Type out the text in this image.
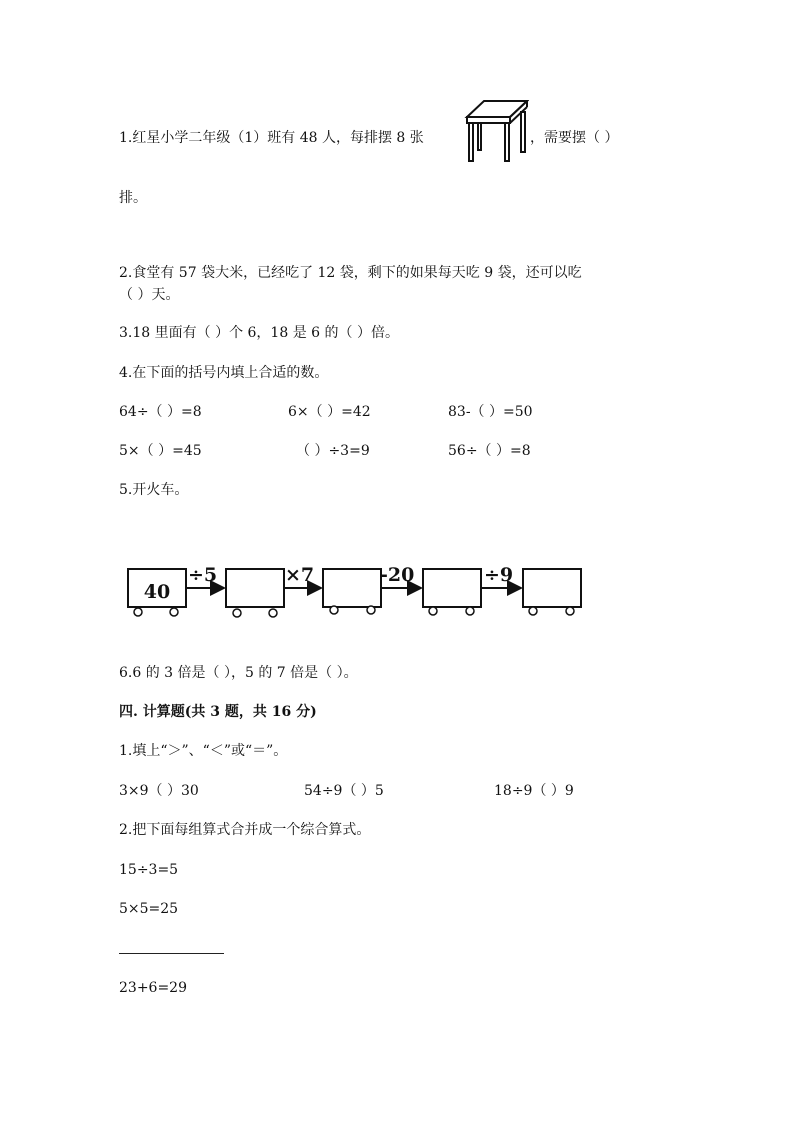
1.红星小学二年级（1）班有 48 人，每排摆 8 张	，需要摆（ ）
排。
2.食堂有 57 袋大米，已经吃了 12 袋，剩下的如果每天吃 9 袋，还可以吃
（ ）天。
3.18 里面有（ ）个 6，18 是 6 的（ ）倍。
4.在下面的括号内填上合适的数。
64÷（ ）=8	6×（ ）=42	83-（ ）=50
5×（ ）=45	（ ）÷3=9	56÷（ ）=8
5.开火车。
40
÷5	×7	-20	÷9
6.6 的 3 倍是（ ），5 的 7 倍是（ ）。
四. 计算题(共 3 题，共 16 分)
1.填上“＞”、“＜”或“＝”。
3×9（ ）30	54÷9（ ）5	18÷9（ ）9
2.把下面每组算式合并成一个综合算式。
15÷3=5
5×5=25
23+6=29
